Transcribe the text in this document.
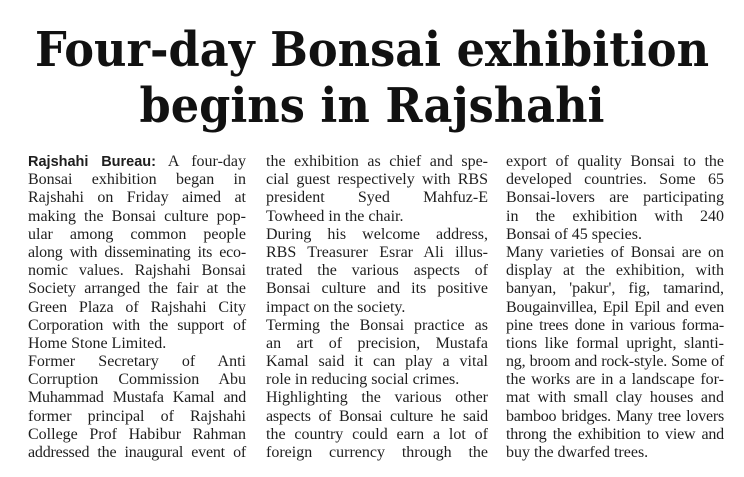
Four-day Bonsai exhibition
begins in Rajshahi
Rajshahi Bureau: A four-day
Bonsai exhibition began in
Rajshahi on Friday aimed at
making the Bonsai culture pop-
ular among common people
along with disseminating its eco-
nomic values. Rajshahi Bonsai
Society arranged the fair at the
Green Plaza of Rajshahi City
Corporation with the support of
Home Stone Limited.
Former Secretary of Anti
Corruption Commission Abu
Muhammad Mustafa Kamal and
former principal of Rajshahi
College Prof Habibur Rahman
addressed the inaugural event of
the exhibition as chief and spe-
cial guest respectively with RBS
president Syed Mahfuz-E
Towheed in the chair.
During his welcome address,
RBS Treasurer Esrar Ali illus-
trated the various aspects of
Bonsai culture and its positive
impact on the society.
Terming the Bonsai practice as
an art of precision, Mustafa
Kamal said it can play a vital
role in reducing social crimes.
Highlighting the various other
aspects of Bonsai culture he said
the country could earn a lot of
foreign currency through the
export of quality Bonsai to the
developed countries. Some 65
Bonsai-lovers are participating
in the exhibition with 240
Bonsai of 45 species.
Many varieties of Bonsai are on
display at the exhibition, with
banyan, 'pakur', fig, tamarind,
Bougainvillea, Epil Epil and even
pine trees done in various forma-
tions like formal upright, slanti-
ng, broom and rock-style. Some of
the works are in a landscape for-
mat with small clay houses and
bamboo bridges. Many tree lovers
throng the exhibition to view and
buy the dwarfed trees.
